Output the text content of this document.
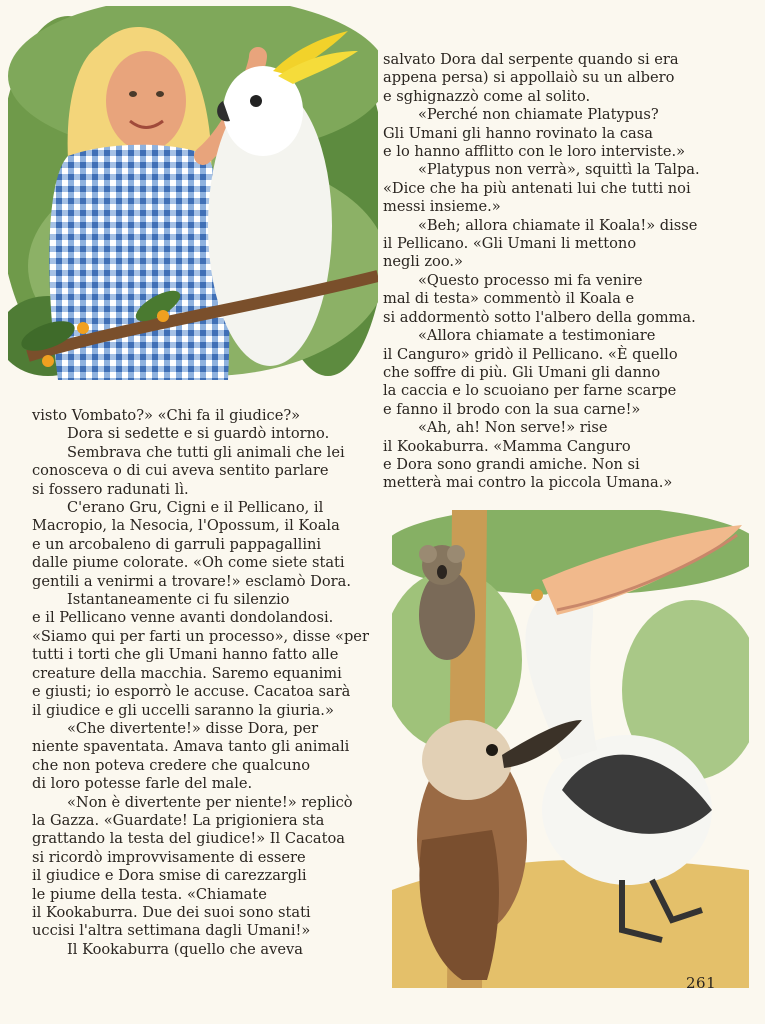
salvato Dora dal serpente quando si era

appena persa) si appollaiò su un albero

e sghignazzò come al solito.

«Perché non chiamate Platypus?

Gli Umani gli hanno rovinato la casa

e lo hanno afflitto con le loro interviste.»

«Platypus non verrà», squittì la Talpa.

«Dice che ha più antenati lui che tutti noi

messi insieme.»

«Beh; allora chiamate il Koala!» disse

il Pellicano. «Gli Umani li mettono

negli zoo.»

«Questo processo mi fa venire

mal di testa» commentò il Koala e

si addormentò sotto l'albero della gomma.

«Allora chiamate a testimoniare

il Canguro» gridò il Pellicano. «È quello

che soffre di più. Gli Umani gli danno

la caccia e lo scuoiano per farne scarpe

e fanno il brodo con la sua carne!»

«Ah, ah! Non serve!» rise

il Kookaburra. «Mamma Canguro

e Dora sono grandi amiche. Non si

metterà mai contro la piccola Umana.»

visto Vombato?» «Chi fa il giudice?»

Dora si sedette e si guardò intorno.

Sembrava che tutti gli animali che lei

conosceva o di cui aveva sentito parlare

si fossero radunati lì.

C'erano Gru, Cigni e il Pellicano, il

Macropio, la Nesocia, l'Opossum, il Koala

e un arcobaleno di garruli pappagallini

dalle piume colorate. «Oh come siete stati

gentili a venirmi a trovare!» esclamò Dora.

Istantaneamente ci fu silenzio

e il Pellicano venne avanti dondolandosi.

«Siamo qui per farti un processo», disse «per

tutti i torti che gli Umani hanno fatto alle

creature della macchia. Saremo equanimi

e giusti; io esporrò le accuse. Cacatoa sarà

il giudice e gli uccelli saranno la giuria.»

«Che divertente!» disse Dora, per

niente spaventata. Amava tanto gli animali

che non poteva credere che qualcuno

di loro potesse farle del male.

«Non è divertente per niente!» replicò

la Gazza. «Guardate! La prigioniera sta

grattando la testa del giudice!» Il Cacatoa

si ricordò improvvisamente di essere

il giudice e Dora smise di carezzargli

le piume della testa. «Chiamate

il Kookaburra. Due dei suoi sono stati

uccisi l'altra settimana dagli Umani!»

Il Kookaburra (quello che aveva

261
